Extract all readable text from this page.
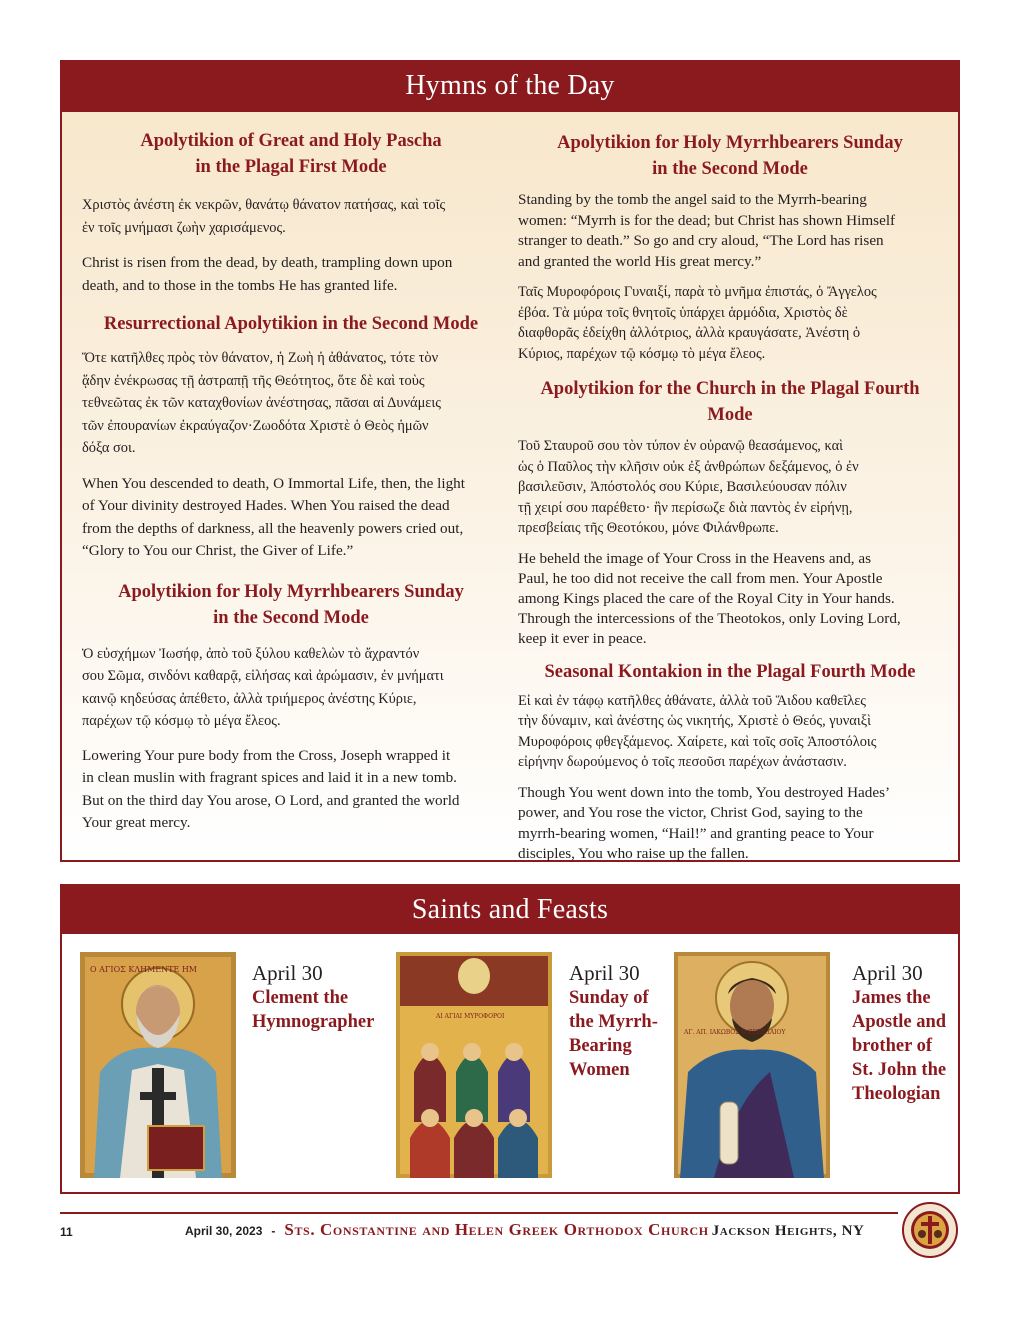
Hymns of the Day
Apolytikion of Great and Holy Pascha
in the Plagal First Mode
Χριστὸς ἀνέστη ἐκ νεκρῶν, θανάτῳ θάνατον πατήσας, καὶ τοῖς
ἐν τοῖς μνήμασι ζωὴν χαρισάμενος.
Christ is risen from the dead, by death, trampling down upon
death, and to those in the tombs He has granted life.
Resurrectional Apolytikion in the Second Mode
Ὅτε κατῆλθες πρὸς τὸν θάνατον, ἡ Ζωὴ ἡ ἀθάνατος, τότε τὸν
ᾅδην ἐνέκρωσας τῇ ἀστραπῇ τῆς Θεότητος, ὅτε δὲ καὶ τοὺς
τεθνεῶτας ἐκ τῶν καταχθονίων ἀνέστησας, πᾶσαι αἱ Δυνάμεις
τῶν ἐπουρανίων ἐκραύγαζον·Ζωοδότα Χριστὲ ὁ Θεὸς ἡμῶν
δόξα σοι.
When You descended to death, O Immortal Life, then, the light
of Your divinity destroyed Hades. When You raised the dead
from the depths of darkness, all the heavenly powers cried out,
“Glory to You our Christ, the Giver of Life.”
Apolytikion for Holy Myrrhbearers Sunday
in the Second Mode
Ὁ εὐσχήμων Ἰωσήφ, ἀπὸ τοῦ ξύλου καθελὼν τὸ ἄχραντόν
σου Σῶμα, σινδόνι καθαρᾷ, εἱλήσας καὶ ἀρώμασιν, ἐν μνήματι
καινῷ κηδεύσας ἀπέθετο, ἀλλὰ τριήμερος ἀνέστης Κύριε,
παρέχων τῷ κόσμῳ τὸ μέγα ἔλεος.
Lowering Your pure body from the Cross, Joseph wrapped it
in clean muslin with fragrant spices and laid it in a new tomb.
But on the third day You arose, O Lord, and granted the world
Your great mercy.
Apolytikion for Holy Myrrhbearers Sunday
in the Second Mode
Standing by the tomb the angel said to the Myrrh-bearing
women: “Myrrh is for the dead; but Christ has shown Himself
stranger to death.” So go and cry aloud, “The Lord has risen
and granted the world His great mercy.”
Ταῖς Μυροφόροις Γυναιξί, παρὰ τὸ μνῆμα ἐπιστάς, ὁ Ἄγγελος
ἐβόα. Τὰ μύρα τοῖς θνητοῖς ὑπάρχει ἁρμόδια, Χριστὸς δὲ
διαφθορᾶς ἐδείχθη ἀλλότριος, ἀλλὰ κραυγάσατε, Ἀνέστη ὁ
Κύριος, παρέχων τῷ κόσμῳ τὸ μέγα ἔλεος.
Apolytikion for the Church in the Plagal Fourth Mode
Τοῦ Σταυροῦ σου τὸν τύπον ἐν οὐρανῷ θεασάμενος, καὶ
ὡς ὁ Παῦλος τὴν κλῆσιν οὐκ ἐξ ἀνθρώπων δεξάμενος, ὁ ἐν
βασιλεῦσιν, Ἀπόστολός σου Κύριε, Βασιλεύουσαν πόλιν
τῇ χειρί σου παρέθετο· ἣν περίσωζε διὰ παντὸς ἐν εἰρήνῃ,
πρεσβείαις τῆς Θεοτόκου, μόνε Φιλάνθρωπε.
He beheld the image of Your Cross in the Heavens and, as
Paul, he too did not receive the call from men. Your Apostle
among Kings placed the care of the Royal City in Your hands.
Through the intercessions of the Theotokos, only Loving Lord,
keep it ever in peace.
Seasonal Kontakion in the Plagal Fourth Mode
Εἰ καὶ ἐν τάφῳ κατῆλθες ἀθάνατε, ἀλλὰ τοῦ Ἅιδου καθεῖλες
τὴν δύναμιν, καὶ ἀνέστης ὡς νικητής, Χριστὲ ὁ Θεός, γυναιξὶ
Μυροφόροις φθεγξάμενος. Χαίρετε, καὶ τοῖς σοῖς Ἀποστόλοις
εἰρήνην δωρούμενος ὁ τοῖς πεσοῦσι παρέχων ἀνάστασιν.
Though You went down into the tomb, You destroyed Hades’
power, and You rose the victor, Christ God, saying to the
myrrh-bearing women, “Hail!” and granting peace to Your
disciples, You who raise up the fallen.
Saints and Feasts
Ο ΑΓΙΟΣ ΚΛΗΜΕΝΤΕ ΗΜ	April 30
Clement the
Hymnographer	ΑΙ ΑΓΙΑΙ ΜΥΡΟΦΟΡΟΙ
April 30
Sunday of
the Myrrh-
Bearing
Women
ΑΓ. ΑΠ. ΙΑΚΩΒΟΣ Ο ΖΕΒΕΔΑΙΟΥ
April 30
James the
Apostle and
brother of
St. John the
Theologian
11	April 30, 2023 - Sts. Constantine and Helen Greek Orthodox Church Jackson Heights, NY
